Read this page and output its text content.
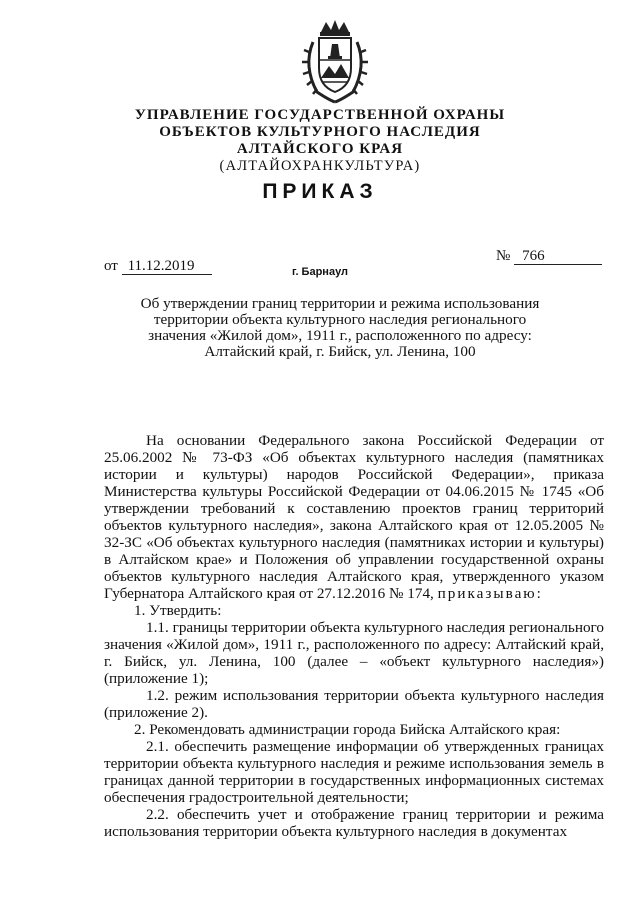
УПРАВЛЕНИЕ ГОСУДАРСТВЕННОЙ ОХРАНЫ
ОБЪЕКТОВ КУЛЬТУРНОГО НАСЛЕДИЯ
АЛТАЙСКОГО КРАЯ
(АЛТАЙОХРАНКУЛЬТУРА)
ПРИКАЗ
от 11.12.2019
№ 766
г. Барнаул
Об утверждении границ территории и режима использования
территории объекта культурного наследия регионального
значения «Жилой дом», 1911 г., расположенного по адресу:
Алтайский край, г. Бийск, ул. Ленина, 100

На основании Федерального закона Российской Федерации от 25.06.2002 № 73-ФЗ «Об объектах культурного наследия (памятниках истории и культуры) народов Российской Федерации», приказа Министерства культуры Российской Федерации от 04.06.2015 № 1745 «Об утверждении требований к составлению проектов границ территорий объектов культурного наследия», закона Алтайского края от 12.05.2005 № 32-ЗС «Об объектах культурного наследия (памятниках истории и культуры) в Алтайском крае» и Положения об управлении государственной охраны объектов культурного наследия Алтайского края, утвержденного указом Губернатора Алтайского края от 27.12.2016 № 174, приказываю:

1. Утвердить:

1.1. границы территории объекта культурного наследия регионального значения «Жилой дом», 1911 г., расположенного по адресу: Алтайский край, г. Бийск, ул. Ленина, 100 (далее – «объект культурного наследия») (приложение 1);

1.2. режим использования территории объекта культурного наследия (приложение 2).

2. Рекомендовать администрации города Бийска Алтайского края:

2.1. обеспечить размещение информации об утвержденных границах территории объекта культурного наследия и режиме использования земель в границах данной территории в государственных информационных системах обеспечения градостроительной деятельности;

2.2. обеспечить учет и отображение границ территории и режима использования территории объекта культурного наследия в документах
